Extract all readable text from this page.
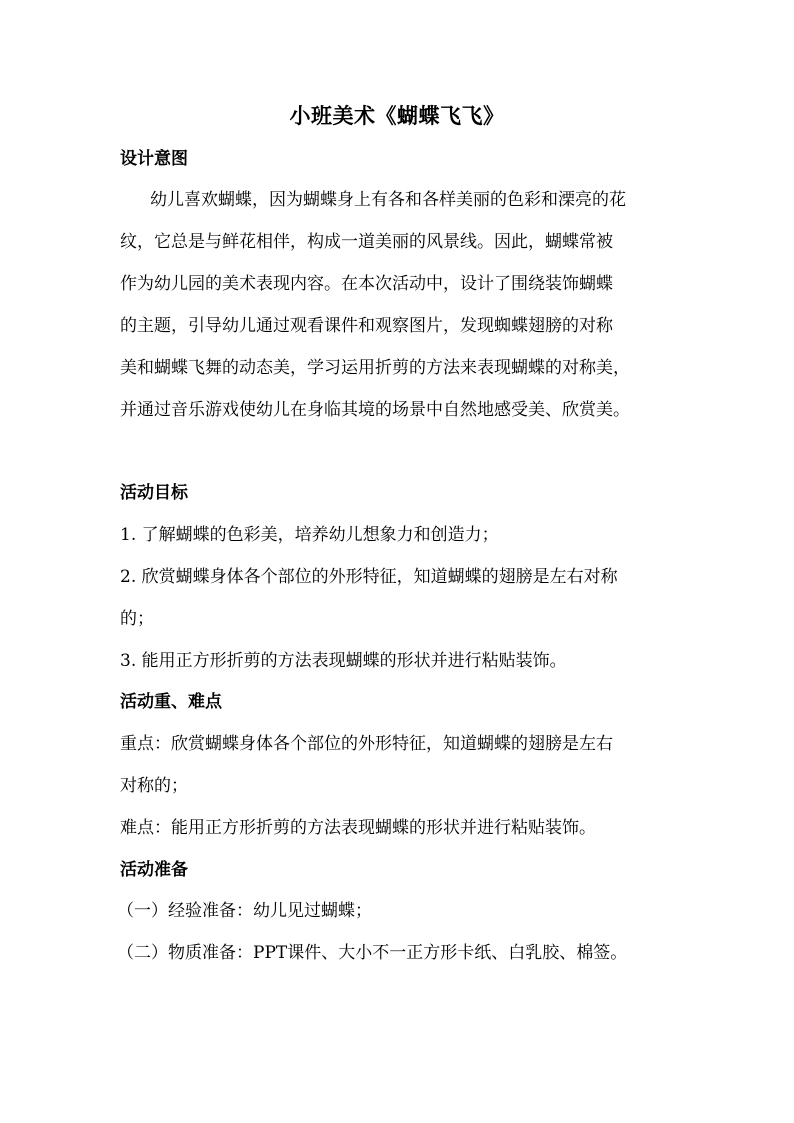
小班美术《蝴蝶飞飞》
设计意图
幼儿喜欢蝴蝶，因为蝴蝶身上有各和各样美丽的色彩和溧亮的花
纹，它总是与鲜花相伴，构成一道美丽的风景线。因此，蝴蝶常被
作为幼儿园的美术表现内容。在本次活动中，设计了围绕装饰蝴蝶
的主题，引导幼儿通过观看课件和观察图片，发现蜘蝶翅膀的对称
美和蝴蝶飞舞的动态美，学习运用折剪的方法来表现蝴蝶的对称美，
并通过音乐游戏使幼儿在身临其境的场景中自然地感受美、欣赏美。
活动目标
1. 了解蝴蝶的色彩美，培养幼儿想象力和创造力；
2. 欣赏蝴蝶身体各个部位的外形特征，知道蝴蝶的翅膀是左右对称
的；
3. 能用正方形折剪的方法表现蝴蝶的形状并进行粘贴装饰。
活动重、难点
重点：欣赏蝴蝶身体各个部位的外形特征，知道蝴蝶的翅膀是左右
对称的；
难点：能用正方形折剪的方法表现蝴蝶的形状并进行粘贴装饰。
活动准备
（一）经验准备：幼儿见过蝴蝶；
（二）物质准备：PPT课件、大小不一正方形卡纸、白乳胶、棉签。
